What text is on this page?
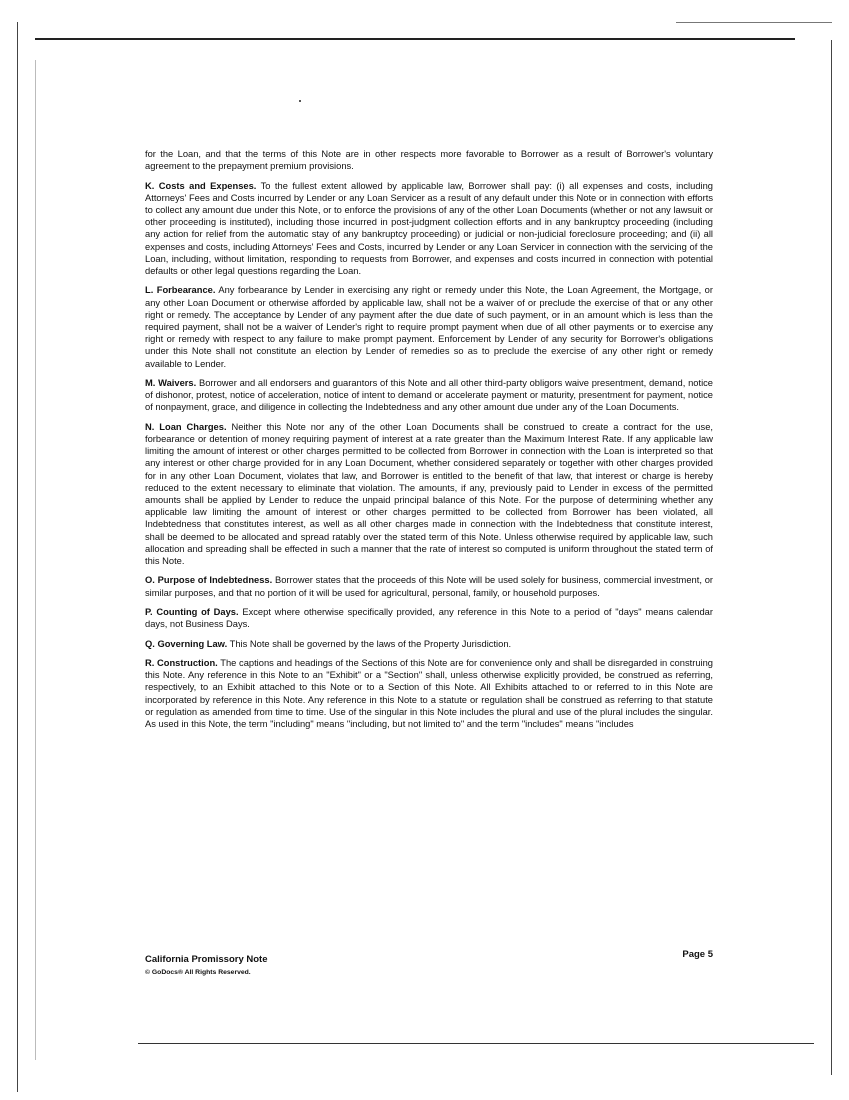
for the Loan, and that the terms of this Note are in other respects more favorable to Borrower as a result of Borrower's voluntary agreement to the prepayment premium provisions.

K. Costs and Expenses. To the fullest extent allowed by applicable law, Borrower shall pay: (i) all expenses and costs, including Attorneys' Fees and Costs incurred by Lender or any Loan Servicer as a result of any default under this Note or in connection with efforts to collect any amount due under this Note, or to enforce the provisions of any of the other Loan Documents (whether or not any lawsuit or other proceeding is instituted), including those incurred in post-judgment collection efforts and in any bankruptcy proceeding (including any action for relief from the automatic stay of any bankruptcy proceeding) or judicial or non-judicial foreclosure proceeding; and (ii) all expenses and costs, including Attorneys' Fees and Costs, incurred by Lender or any Loan Servicer in connection with the servicing of the Loan, including, without limitation, responding to requests from Borrower, and expenses and costs incurred in connection with potential defaults or other legal questions regarding the Loan.

L. Forbearance. Any forbearance by Lender in exercising any right or remedy under this Note, the Loan Agreement, the Mortgage, or any other Loan Document or otherwise afforded by applicable law, shall not be a waiver of or preclude the exercise of that or any other right or remedy. The acceptance by Lender of any payment after the due date of such payment, or in an amount which is less than the required payment, shall not be a waiver of Lender's right to require prompt payment when due of all other payments or to exercise any right or remedy with respect to any failure to make prompt payment. Enforcement by Lender of any security for Borrower's obligations under this Note shall not constitute an election by Lender of remedies so as to preclude the exercise of any other right or remedy available to Lender.

M. Waivers. Borrower and all endorsers and guarantors of this Note and all other third-party obligors waive presentment, demand, notice of dishonor, protest, notice of acceleration, notice of intent to demand or accelerate payment or maturity, presentment for payment, notice of nonpayment, grace, and diligence in collecting the Indebtedness and any other amount due under any of the Loan Documents.

N. Loan Charges. Neither this Note nor any of the other Loan Documents shall be construed to create a contract for the use, forbearance or detention of money requiring payment of interest at a rate greater than the Maximum Interest Rate. If any applicable law limiting the amount of interest or other charges permitted to be collected from Borrower in connection with the Loan is interpreted so that any interest or other charge provided for in any Loan Document, whether considered separately or together with other charges provided for in any other Loan Document, violates that law, and Borrower is entitled to the benefit of that law, that interest or charge is hereby reduced to the extent necessary to eliminate that violation. The amounts, if any, previously paid to Lender in excess of the permitted amounts shall be applied by Lender to reduce the unpaid principal balance of this Note. For the purpose of determining whether any applicable law limiting the amount of interest or other charges permitted to be collected from Borrower has been violated, all Indebtedness that constitutes interest, as well as all other charges made in connection with the Indebtedness that constitute interest, shall be deemed to be allocated and spread ratably over the stated term of this Note. Unless otherwise required by applicable law, such allocation and spreading shall be effected in such a manner that the rate of interest so computed is uniform throughout the stated term of this Note.

O. Purpose of Indebtedness. Borrower states that the proceeds of this Note will be used solely for business, commercial investment, or similar purposes, and that no portion of it will be used for agricultural, personal, family, or household purposes.

P. Counting of Days. Except where otherwise specifically provided, any reference in this Note to a period of "days" means calendar days, not Business Days.

Q. Governing Law. This Note shall be governed by the laws of the Property Jurisdiction.

R. Construction. The captions and headings of the Sections of this Note are for convenience only and shall be disregarded in construing this Note. Any reference in this Note to an "Exhibit" or a "Section" shall, unless otherwise explicitly provided, be construed as referring, respectively, to an Exhibit attached to this Note or to a Section of this Note. All Exhibits attached to or referred to in this Note are incorporated by reference in this Note. Any reference in this Note to a statute or regulation shall be construed as referring to that statute or regulation as amended from time to time. Use of the singular in this Note includes the plural and use of the plural includes the singular. As used in this Note, the term "including" means "including, but not limited to" and the term "includes" means "includes

California Promissory Note	Page 5
© GoDocs® All Rights Reserved.
